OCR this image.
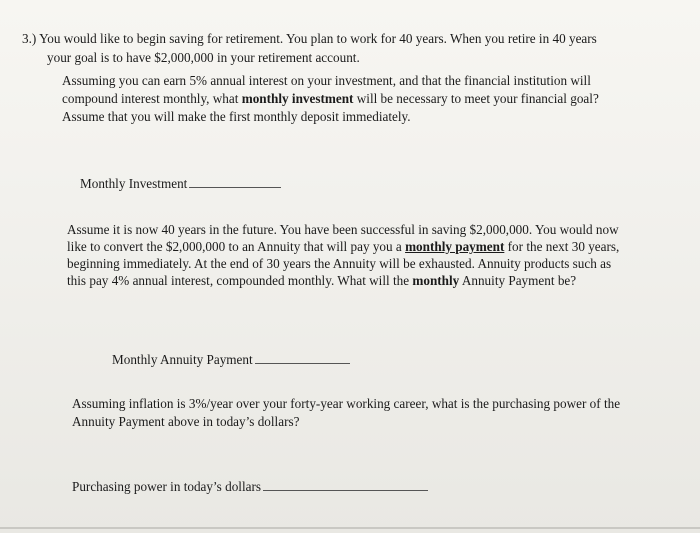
3.) You would like to begin saving for retirement. You plan to work for 40 years. When you retire in 40 years
your goal is to have $2,000,000 in your retirement account.
Assuming you can earn 5% annual interest on your investment, and that the financial institution will
compound interest monthly, what monthly investment will be necessary to meet your financial goal?
Assume that you will make the first monthly deposit immediately.
Monthly Investment
Assume it is now 40 years in the future. You have been successful in saving $2,000,000. You would now
like to convert the $2,000,000 to an Annuity that will pay you a monthly payment for the next 30 years,
beginning immediately. At the end of 30 years the Annuity will be exhausted. Annuity products such as
this pay 4% annual interest, compounded monthly. What will the monthly Annuity Payment be?
Monthly Annuity Payment
Assuming inflation is 3%/year over your forty-year working career, what is the purchasing power of the
Annuity Payment above in today’s dollars?
Purchasing power in today’s dollars
